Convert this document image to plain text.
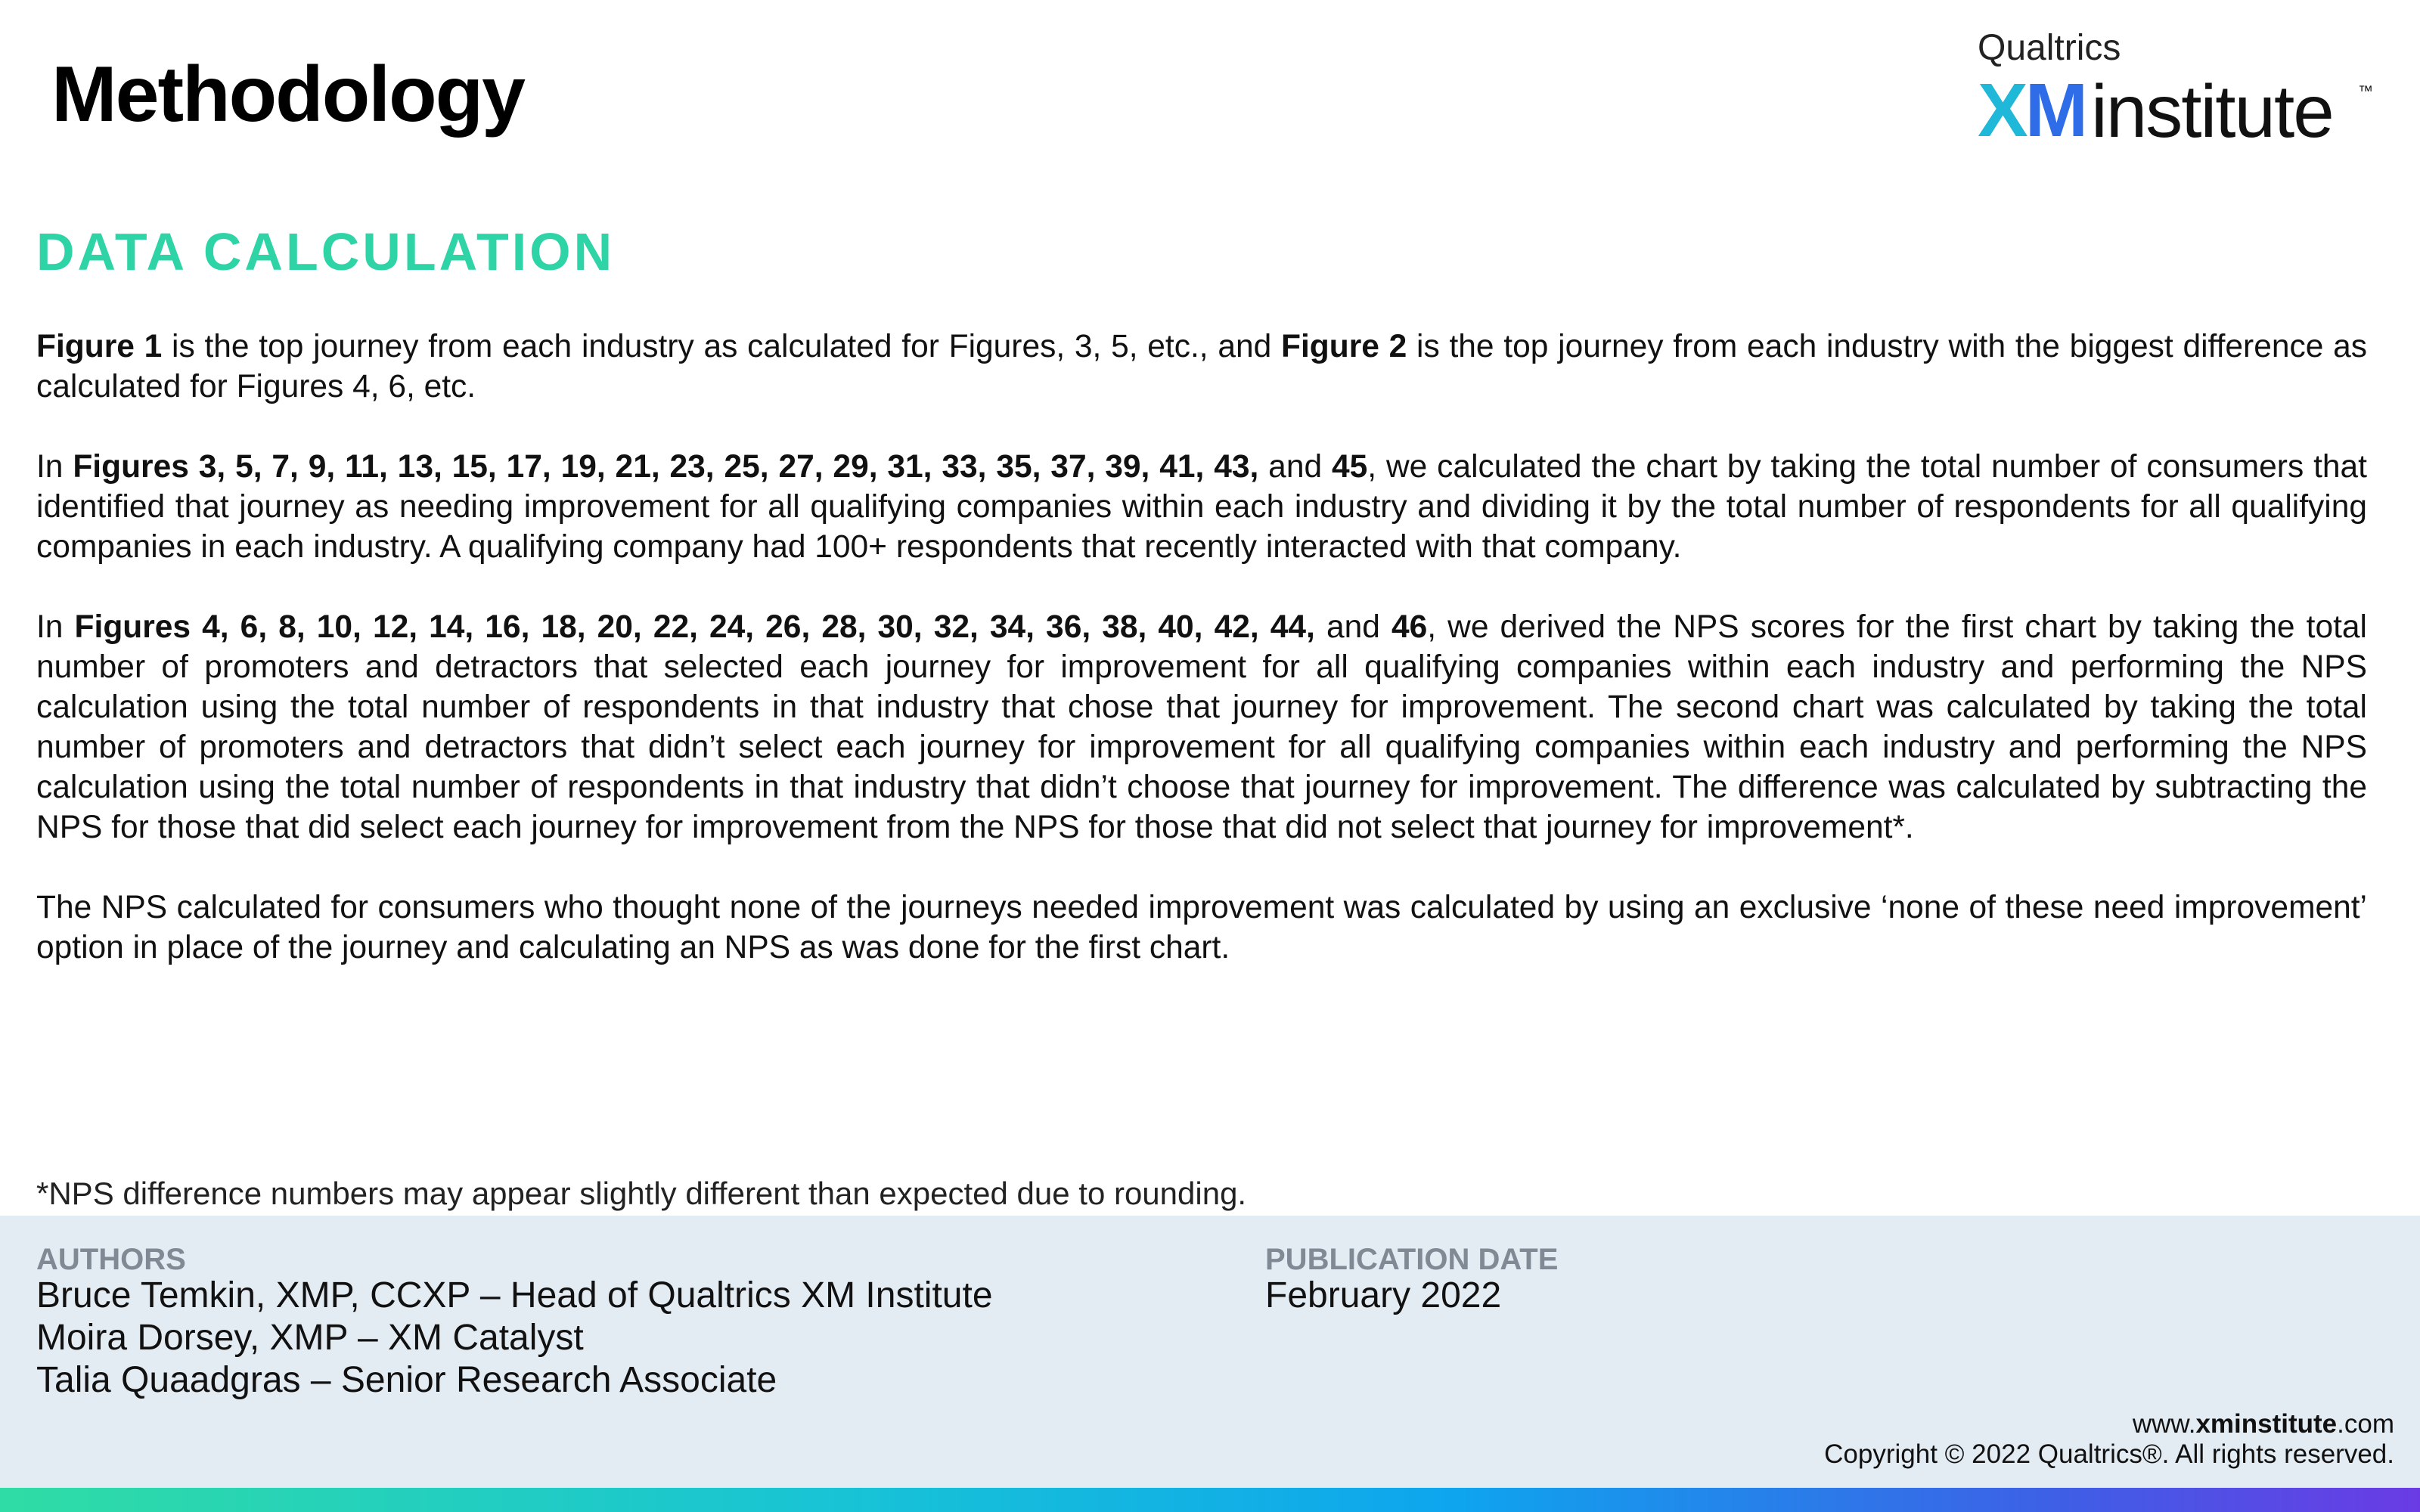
Methodology
Qualtrics
XM institute ™
DATA CALCULATION

Figure 1 is the top journey from each industry as calculated for Figures, 3, 5, etc., and Figure 2 is the top journey from each industry with the biggest difference as calculated for Figures 4, 6, etc.

In Figures 3, 5, 7, 9, 11, 13, 15, 17, 19, 21, 23, 25, 27, 29, 31, 33, 35, 37, 39, 41, 43, and 45, we calculated the chart by taking the total number of consumers that identified that journey as needing improvement for all qualifying companies within each industry and dividing it by the total number of respondents for all qualifying companies in each industry. A qualifying company had 100+ respondents that recently interacted with that company.

In Figures 4, 6, 8, 10, 12, 14, 16, 18, 20, 22, 24, 26, 28, 30, 32, 34, 36, 38, 40, 42, 44, and 46, we derived the NPS scores for the first chart by taking the total number of promoters and detractors that selected each journey for improvement for all qualifying companies within each industry and performing the NPS calculation using the total number of respondents in that industry that chose that journey for improvement. The second chart was calculated by taking the total number of promoters and detractors that didn’t select each journey for improvement for all qualifying companies within each industry and performing the NPS calculation using the total number of respondents in that industry that didn’t choose that journey for improvement. The difference was calculated by subtracting the NPS for those that did select each journey for improvement from the NPS for those that did not select that journey for improvement*.

The NPS calculated for consumers who thought none of the journeys needed improvement was calculated by using an exclusive ‘none of these need improvement’ option in place of the journey and calculating an NPS as was done for the first chart.

*NPS difference numbers may appear slightly different than expected due to rounding.
AUTHORS
Bruce Temkin, XMP, CCXP – Head of Qualtrics XM Institute
Moira Dorsey, XMP – XM Catalyst
Talia Quaadgras – Senior Research Associate
PUBLICATION DATE
February 2022
www.xminstitute.com
Copyright © 2022 Qualtrics®. All rights reserved.
